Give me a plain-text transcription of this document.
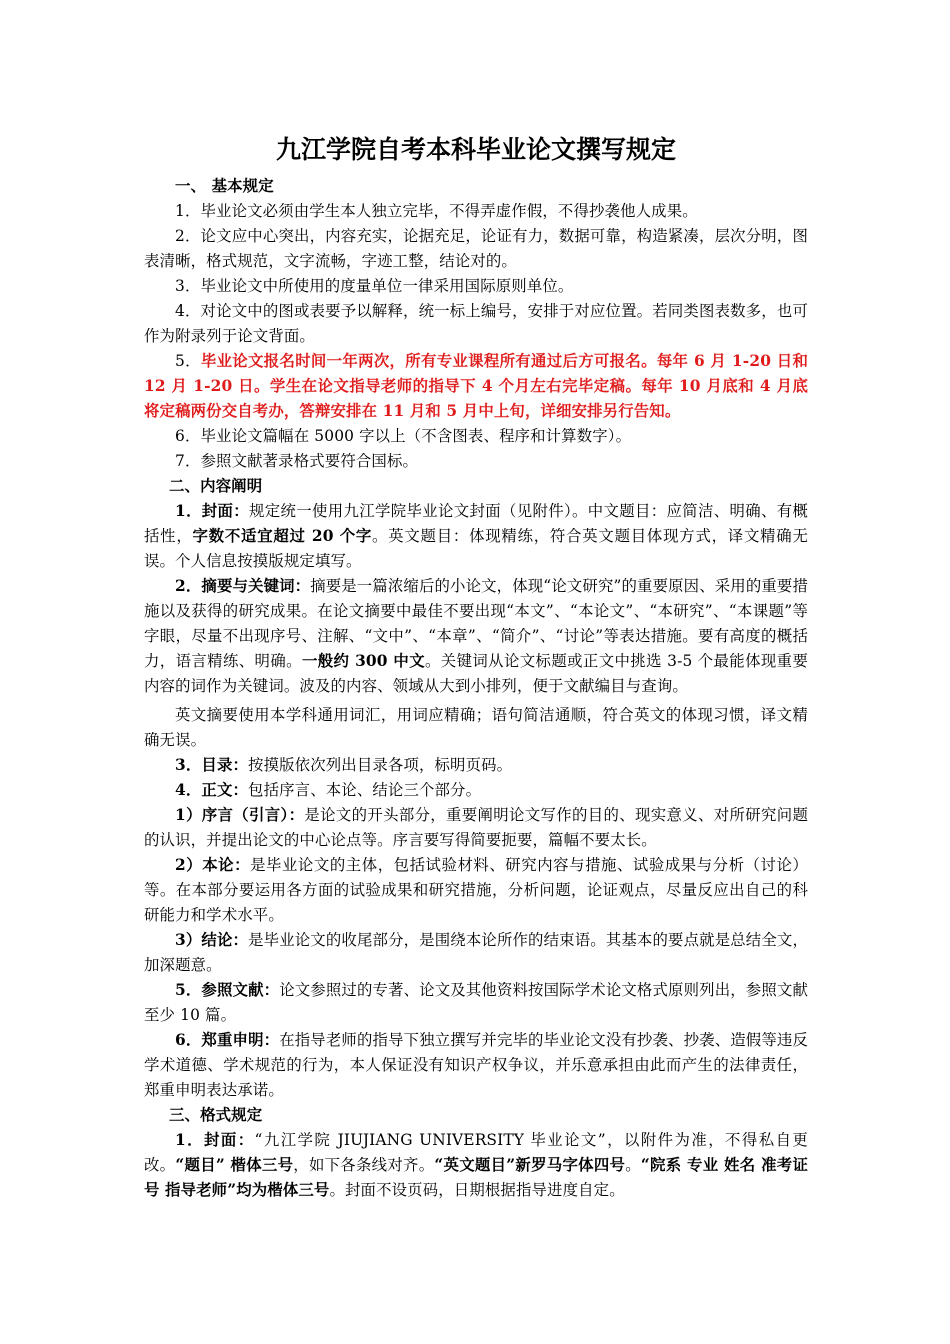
九江学院自考本科毕业论文撰写规定
一、 基本规定

1．毕业论文必须由学生本人独立完毕，不得弄虚作假，不得抄袭他人成果。

2．论文应中心突出，内容充实，论据充足，论证有力，数据可靠，构造紧凑，层次分明，图表清晰，格式规范，文字流畅，字迹工整，结论对的。

3．毕业论文中所使用的度量单位一律采用国际原则单位。

4．对论文中的图或表要予以解释，统一标上编号，安排于对应位置。若同类图表数多，也可作为附录列于论文背面。

5．毕业论文报名时间一年两次，所有专业课程所有通过后方可报名。每年 6 月 1-20 日和 12 月 1-20 日。学生在论文指导老师的指导下 4 个月左右完毕定稿。每年 10 月底和 4 月底将定稿两份交自考办，答辩安排在 11 月和 5 月中上旬，详细安排另行告知。

6．毕业论文篇幅在 5000 字以上（不含图表、程序和计算数字）。

7．参照文献著录格式要符合国标。

二、内容阐明

1．封面：规定统一使用九江学院毕业论文封面（见附件）。中文题目：应简洁、明确、有概括性，字数不适宜超过 20 个字。英文题目：体现精练，符合英文题目体现方式，译文精确无误。个人信息按摸版规定填写。

2．摘要与关键词：摘要是一篇浓缩后的小论文，体现“论文研究”的重要原因、采用的重要措施以及获得的研究成果。在论文摘要中最佳不要出现“本文”、“本论文”、“本研究”、“本课题”等字眼，尽量不出现序号、注解、“文中”、“本章”、“简介”、“讨论”等表达措施。要有高度的概括力，语言精练、明确。一般约 300 中文。关键词从论文标题或正文中挑选 3-5 个最能体现重要内容的词作为关键词。波及的内容、领域从大到小排列，便于文献编目与查询。

英文摘要使用本学科通用词汇，用词应精确；语句简洁通顺，符合英文的体现习惯，译文精确无误。

3．目录：按摸版依次列出目录各项，标明页码。

4．正文：包括序言、本论、结论三个部分。

1）序言（引言）：是论文的开头部分，重要阐明论文写作的目的、现实意义、对所研究问题的认识，并提出论文的中心论点等。序言要写得简要扼要，篇幅不要太长。

2）本论：是毕业论文的主体，包括试验材料、研究内容与措施、试验成果与分析（讨论）等。在本部分要运用各方面的试验成果和研究措施，分析问题，论证观点，尽量反应出自己的科研能力和学术水平。

3）结论：是毕业论文的收尾部分，是围绕本论所作的结束语。其基本的要点就是总结全文，加深题意。

5．参照文献：论文参照过的专著、论文及其他资料按国际学术论文格式原则列出，参照文献至少 10 篇。

6．郑重申明：在指导老师的指导下独立撰写并完毕的毕业论文没有抄袭、抄袭、造假等违反学术道德、学术规范的行为，本人保证没有知识产权争议，并乐意承担由此而产生的法律责任，郑重申明表达承诺。

三、格式规定

1．封面：“九江学院 JIUJIANG UNIVERSITY 毕业论文”，以附件为准，不得私自更改。“题目” 楷体三号，如下各条线对齐。“英文题目”新罗马字体四号。“院系 专业 姓名 准考证号 指导老师”均为楷体三号。封面不设页码，日期根据指导进度自定。
